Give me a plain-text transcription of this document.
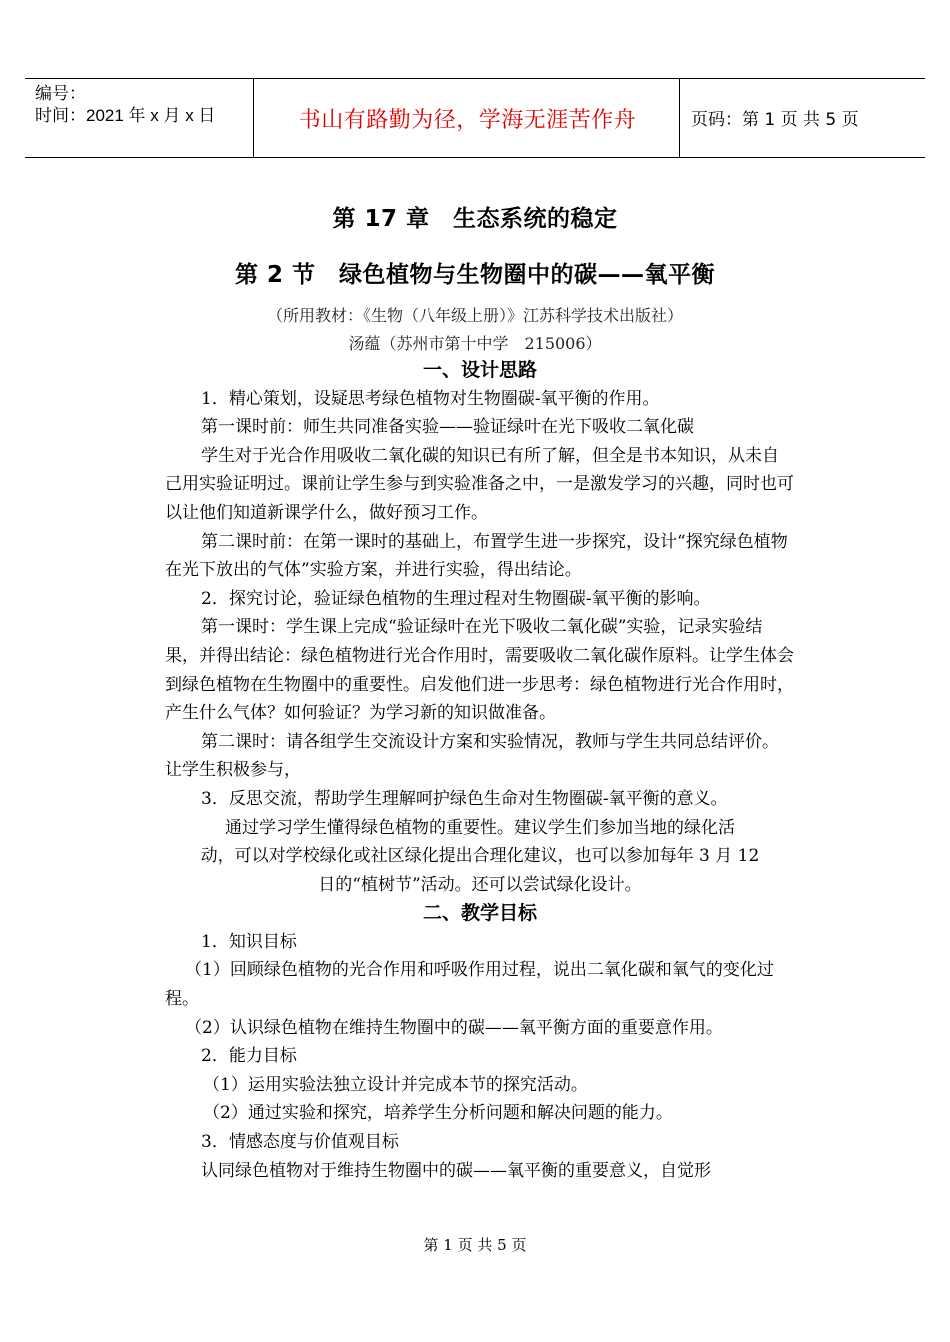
编号：
时间：2021 年 x 月 x 日	书山有路勤为径，学海无涯苦作舟	页码：第 1 页 共 5 页
第 17 章　生态系统的稳定
第 2 节　绿色植物与生物圈中的碳——氧平衡
（所用教材：《生物（八年级上册）》江苏科学技术出版社）
汤蕴（苏州市第十中学　215006）

一、设计思路

1．精心策划，设疑思考绿色植物对生物圈碳-氧平衡的作用。

第一课时前：师生共同准备实验——验证绿叶在光下吸收二氧化碳

学生对于光合作用吸收二氧化碳的知识已有所了解，但全是书本知识，从未自己用实验证明过。课前让学生参与到实验准备之中，一是激发学习的兴趣，同时也可以让他们知道新课学什么，做好预习工作。

第二课时前：在第一课时的基础上，布置学生进一步探究，设计“探究绿色植物在光下放出的气体”实验方案，并进行实验，得出结论。

2．探究讨论，验证绿色植物的生理过程对生物圈碳-氧平衡的影响。

第一课时：学生课上完成“验证绿叶在光下吸收二氧化碳”实验，记录实验结果，并得出结论：绿色植物进行光合作用时，需要吸收二氧化碳作原料。让学生体会到绿色植物在生物圈中的重要性。启发他们进一步思考：绿色植物进行光合作用时，产生什么气体？如何验证？为学习新的知识做准备。

第二课时：请各组学生交流设计方案和实验情况，教师与学生共同总结评价。让学生积极参与，

3．反思交流，帮助学生理解呵护绿色生命对生物圈碳-氧平衡的意义。

通过学习学生懂得绿色植物的重要性。建议学生们参加当地的绿化活

动，可以对学校绿化或社区绿化提出合理化建议，也可以参加每年 3 月 12

日的“植树节”活动。还可以尝试绿化设计。

二、教学目标

1．知识目标

（1）回顾绿色植物的光合作用和呼吸作用过程，说出二氧化碳和氧气的变化过程。

（2）认识绿色植物在维持生物圈中的碳——氧平衡方面的重要意作用。

2．能力目标

（1）运用实验法独立设计并完成本节的探究活动。

（2）通过实验和探究，培养学生分析问题和解决问题的能力。

3．情感态度与价值观目标

认同绿色植物对于维持生物圈中的碳——氧平衡的重要意义，自觉形

第 1 页 共 5 页
